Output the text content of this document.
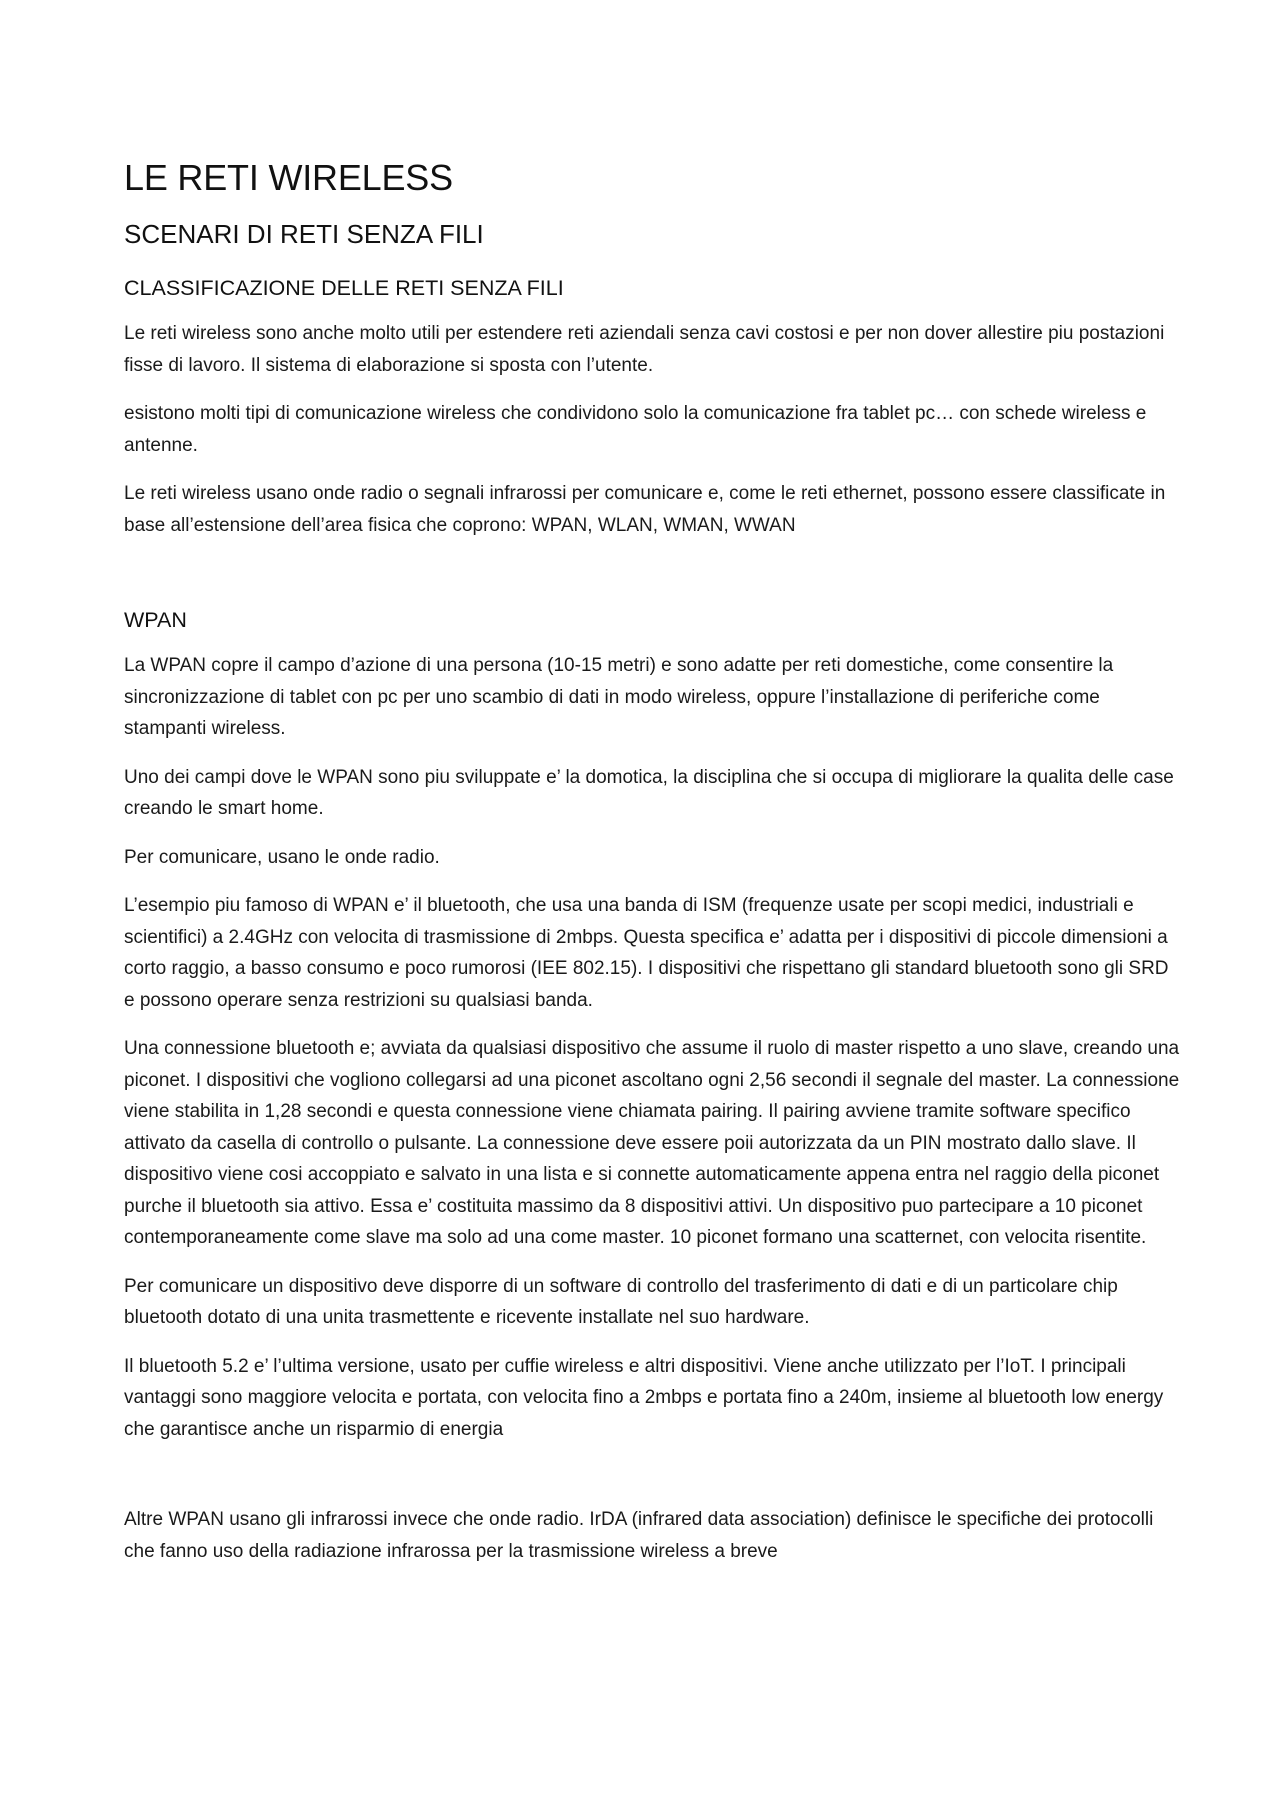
LE RETI WIRELESS
SCENARI DI RETI SENZA FILI
CLASSIFICAZIONE DELLE RETI SENZA FILI

Le reti wireless sono anche molto utili per estendere reti aziendali senza cavi costosi e per non dover allestire piu postazioni fisse di lavoro. Il sistema di elaborazione si sposta con l’utente.

esistono molti tipi di comunicazione wireless che condividono solo la comunicazione fra tablet pc… con schede wireless e antenne.

Le reti wireless usano onde radio o segnali infrarossi per comunicare e, come le reti ethernet, possono essere classificate in base all’estensione dell’area fisica che coprono: WPAN, WLAN, WMAN, WWAN

WPAN

La WPAN copre il campo d’azione di una persona (10-15 metri) e sono adatte per reti domestiche, come consentire la sincronizzazione di tablet con pc per uno scambio di dati in modo wireless, oppure l’installazione di periferiche come stampanti wireless.

Uno dei campi dove le WPAN sono piu sviluppate e’ la domotica, la disciplina che si occupa di migliorare la qualita delle case creando le smart home.

Per comunicare, usano le onde radio.

L’esempio piu famoso di WPAN e’ il bluetooth, che usa una banda di ISM (frequenze usate per scopi medici, industriali e scientifici) a 2.4GHz con velocita di trasmissione di 2mbps. Questa specifica e’ adatta per i dispositivi di piccole dimensioni a corto raggio, a basso consumo e poco rumorosi (IEE 802.15). I dispositivi che rispettano gli standard bluetooth sono gli SRD e possono operare senza restrizioni su qualsiasi banda.

Una connessione bluetooth e; avviata da qualsiasi dispositivo che assume il ruolo di master rispetto a uno slave, creando una piconet. I dispositivi che vogliono collegarsi ad una piconet ascoltano ogni 2,56 secondi il segnale del master. La connessione viene stabilita in 1,28 secondi e questa connessione viene chiamata pairing. Il pairing avviene tramite software specifico attivato da casella di controllo o pulsante. La connessione deve essere poii autorizzata da un PIN mostrato dallo slave. Il dispositivo viene cosi accoppiato e salvato in una lista e si connette automaticamente appena entra nel raggio della piconet purche il bluetooth sia attivo. Essa e’ costituita massimo da 8 dispositivi attivi. Un dispositivo puo partecipare a 10 piconet contemporaneamente come slave ma solo ad una come master. 10 piconet formano una scatternet, con velocita risentite.

Per comunicare un dispositivo deve disporre di un software di controllo del trasferimento di dati e di un particolare chip bluetooth dotato di una unita trasmettente e ricevente installate nel suo hardware.

Il bluetooth 5.2 e’ l’ultima versione, usato per cuffie wireless e altri dispositivi. Viene anche utilizzato per l’IoT. I principali vantaggi sono maggiore velocita e portata, con velocita fino a 2mbps e portata fino a 240m, insieme al bluetooth low energy che garantisce anche un risparmio di energia

Altre WPAN usano gli infrarossi invece che onde radio. IrDA (infrared data association) definisce le specifiche dei protocolli che fanno uso della radiazione infrarossa per la trasmissione wireless a breve
